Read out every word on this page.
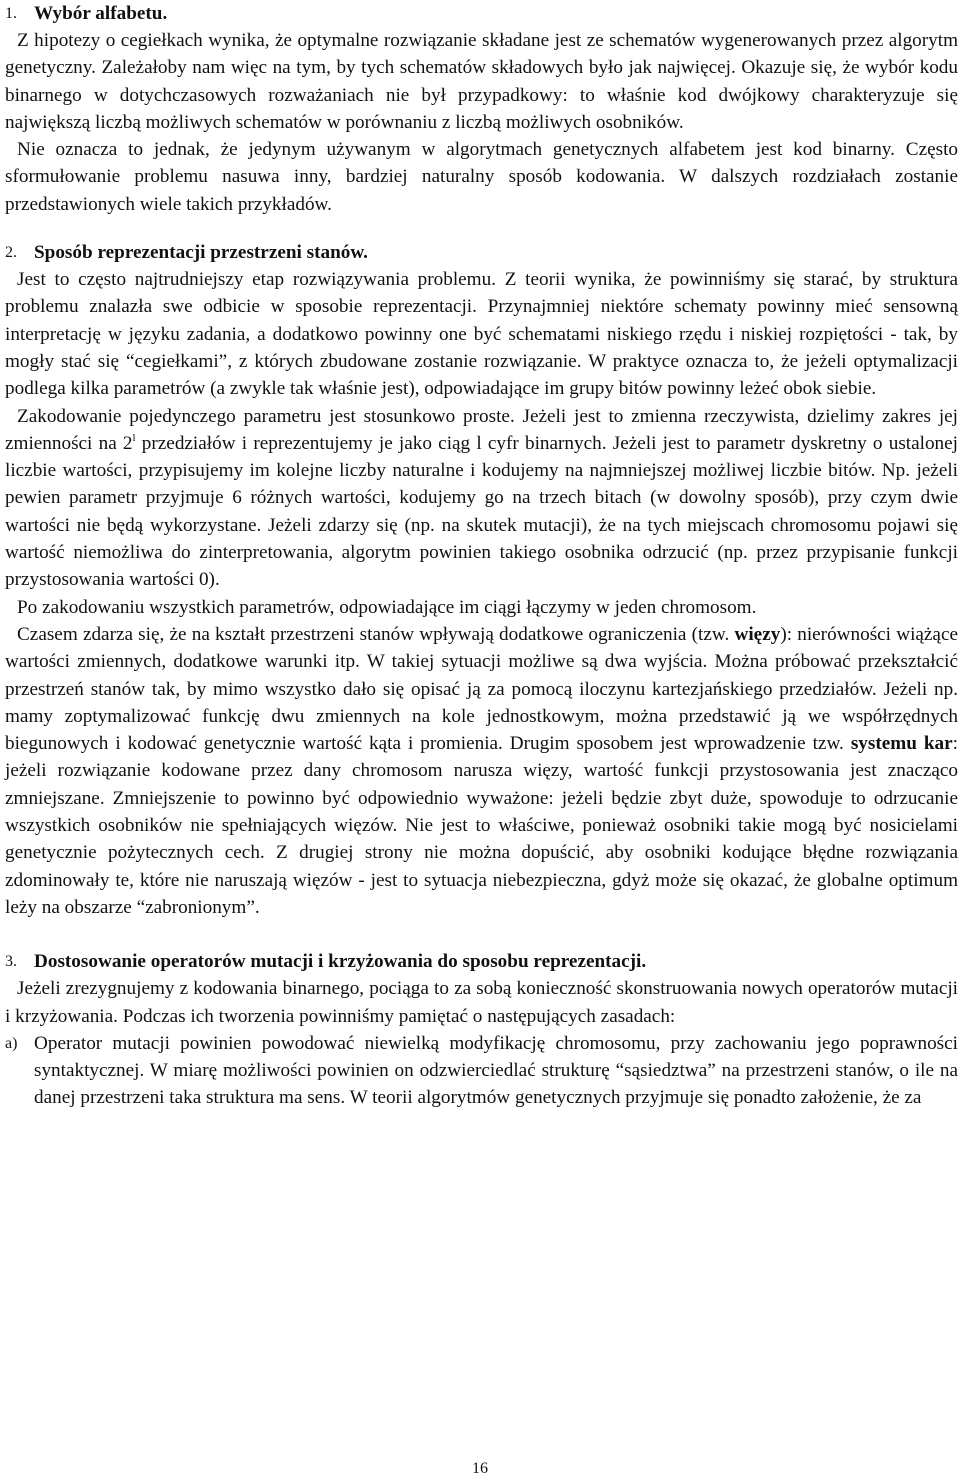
1. Wybór alfabetu.

Z hipotezy o cegiełkach wynika, że optymalne rozwiązanie składane jest ze schematów wygenerowanych przez algorytm genetyczny. Zależałoby nam więc na tym, by tych schematów składowych było jak najwięcej. Okazuje się, że wybór kodu binarnego w dotychczasowych rozważaniach nie był przypadkowy: to właśnie kod dwójkowy charakteryzuje się największą liczbą możliwych schematów w porównaniu z liczbą możliwych osobników.

Nie oznacza to jednak, że jedynym używanym w algorytmach genetycznych alfabetem jest kod binarny. Często sformułowanie problemu nasuwa inny, bardziej naturalny sposób kodowania. W dalszych rozdziałach zostanie przedstawionych wiele takich przykładów.

2. Sposób reprezentacji przestrzeni stanów.

Jest to często najtrudniejszy etap rozwiązywania problemu. Z teorii wynika, że powinniśmy się starać, by struktura problemu znalazła swe odbicie w sposobie reprezentacji. Przynajmniej niektóre schematy powinny mieć sensowną interpretację w języku zadania, a dodatkowo powinny one być schematami niskiego rzędu i niskiej rozpiętości - tak, by mogły stać się “cegiełkami”, z których zbudowane zostanie rozwiązanie. W praktyce oznacza to, że jeżeli optymalizacji podlega kilka parametrów (a zwykle tak właśnie jest), odpowiadające im grupy bitów powinny leżeć obok siebie.

Zakodowanie pojedynczego parametru jest stosunkowo proste. Jeżeli jest to zmienna rzeczywista, dzielimy zakres jej zmienności na 2$^l$ przedziałów i reprezentujemy je jako ciąg l cyfr binarnych. Jeżeli jest to parametr dyskretny o ustalonej liczbie wartości, przypisujemy im kolejne liczby naturalne i kodujemy na najmniejszej możliwej liczbie bitów. Np. jeżeli pewien parametr przyjmuje 6 różnych wartości, kodujemy go na trzech bitach (w dowolny sposób), przy czym dwie wartości nie będą wykorzystane. Jeżeli zdarzy się (np. na skutek mutacji), że na tych miejscach chromosomu pojawi się wartość niemożliwa do zinterpretowania, algorytm powinien takiego osobnika odrzucić (np. przez przypisanie funkcji przystosowania wartości 0).

Po zakodowaniu wszystkich parametrów, odpowiadające im ciągi łączymy w jeden chromosom.

Czasem zdarza się, że na kształt przestrzeni stanów wpływają dodatkowe ograniczenia (tzw. więzy): nierówności wiążące wartości zmiennych, dodatkowe warunki itp. W takiej sytuacji możliwe są dwa wyjścia. Można próbować przekształcić przestrzeń stanów tak, by mimo wszystko dało się opisać ją za pomocą iloczynu kartezjańskiego przedziałów. Jeżeli np. mamy zoptymalizować funkcję dwu zmiennych na kole jednostkowym, można przedstawić ją we współrzędnych biegunowych i kodować genetycznie wartość kąta i promienia. Drugim sposobem jest wprowadzenie tzw. systemu kar: jeżeli rozwiązanie kodowane przez dany chromosom narusza więzy, wartość funkcji przystosowania jest znacząco zmniejszane. Zmniejszenie to powinno być odpowiednio wyważone: jeżeli będzie zbyt duże, spowoduje to odrzucanie wszystkich osobników nie spełniających więzów. Nie jest to właściwe, ponieważ osobniki takie mogą być nosicielami genetycznie pożytecznych cech. Z drugiej strony nie można dopuścić, aby osobniki kodujące błędne rozwiązania zdominowały te, które nie naruszają więzów - jest to sytuacja niebezpieczna, gdyż może się okazać, że globalne optimum leży na obszarze “zabronionym”.

3. Dostosowanie operatorów mutacji i krzyżowania do sposobu reprezentacji.

Jeżeli zrezygnujemy z kodowania binarnego, pociąga to za sobą konieczność skonstruowania nowych operatorów mutacji i krzyżowania. Podczas ich tworzenia powinniśmy pamiętać o następujących zasadach:

a) Operator mutacji powinien powodować niewielką modyfikację chromosomu, przy zachowaniu jego poprawności syntaktycznej. W miarę możliwości powinien on odzwierciedlać strukturę “sąsiedztwa” na przestrzeni stanów, o ile na danej przestrzeni taka struktura ma sens. W teorii algorytmów genetycznych przyjmuje się ponadto założenie, że za

16
